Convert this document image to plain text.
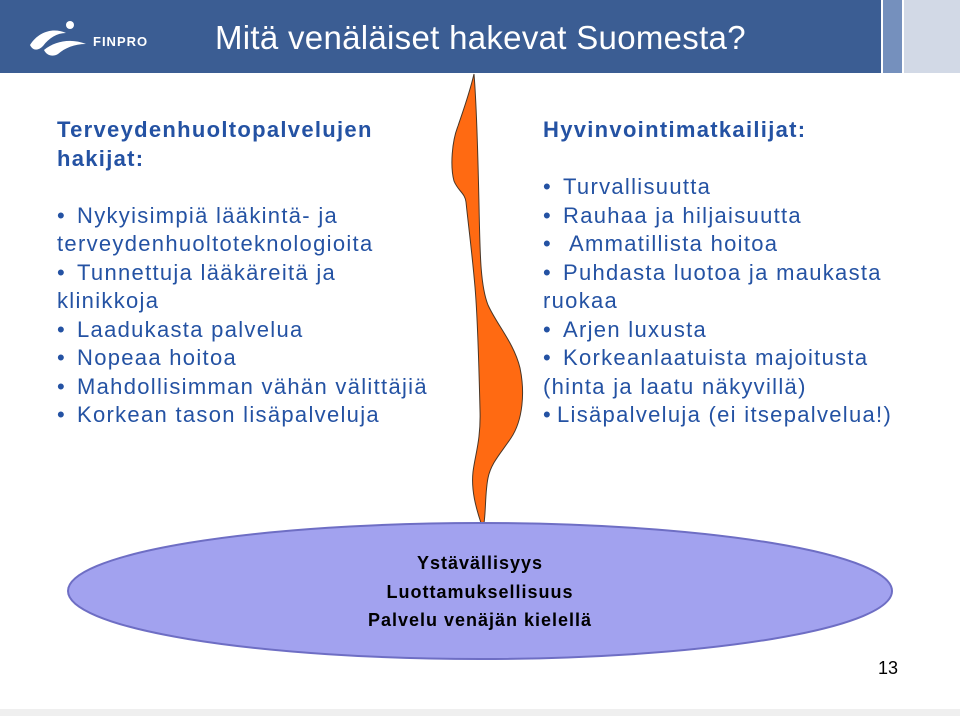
FINPRO Mitä venäläiset hakevat Suomesta?
Terveydenhuoltopalvelujen
hakijat:
• Nykyisimpiä lääkintä- ja
terveydenhuoltoteknologioita
• Tunnettuja lääkäreitä ja
klinikkoja
• Laadukasta palvelua
• Nopeaa hoitoa
• Mahdollisimman vähän välittäjiä
• Korkean tason lisäpalveluja
Hyvinvointimatkailijat:
• Turvallisuutta
• Rauhaa ja hiljaisuutta
• Ammatillista hoitoa
• Puhdasta luotoa ja maukasta
ruokaa
• Arjen luxusta
• Korkeanlaatuista majoitusta
(hinta ja laatu näkyvillä)
• Lisäpalveluja (ei itsepalvelua!)
Ystävällisyys
Luottamuksellisuus
Palvelu venäjän kielellä
13
